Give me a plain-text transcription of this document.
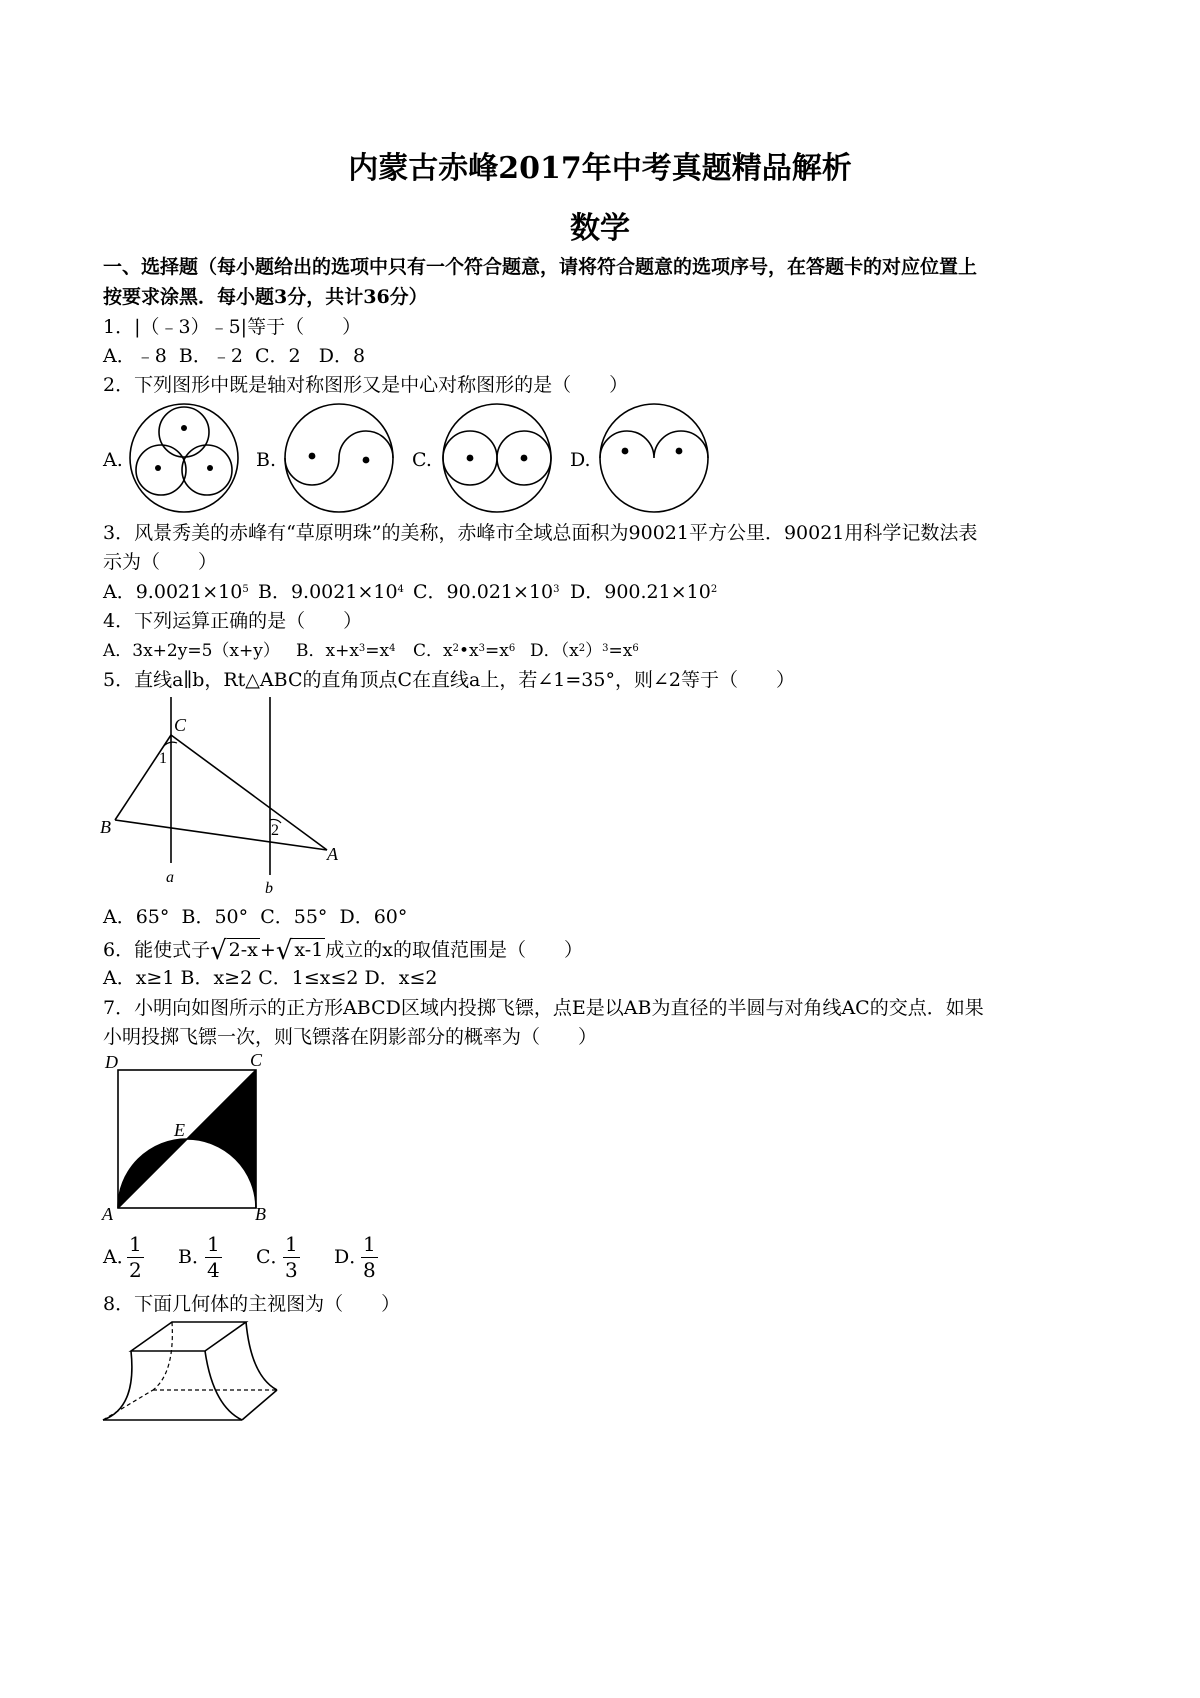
内蒙古赤峰2017年中考真题精品解析
数学
一、选择题（每小题给出的选项中只有一个符合题意，请将符合题意的选项序号，在答题卡的对应位置上
按要求涂黑．每小题3分，共计36分）
1．|（﹣3）﹣5|等于（　　）
A．﹣8  B．﹣2  C．2   D．8
2．下列图形中既是轴对称图形又是中心对称图形的是（　　）
A.	B.	C.	D.
3．风景秀美的赤峰有“草原明珠”的美称，赤峰市全域总面积为90021平方公里．90021用科学记数法表
示为（　　）
A．$9.0021\times 10^5$ B．$9.0021\times 10^4$ C．$90.021\times 10^3$ D．$900.21\times 10^2$
4．下列运算正确的是（　　）
A．3x+2y=5（x+y） B．$x+x^3=x^4$ C．$x^2•x^3=x^6$ D．$(x^2)^3=x^6$
5．直线a∥b，Rt△ABC的直角顶点C在直线a上，若∠1=35°，则∠2等于（　　）
C
B
A
a
b
1
2
A．65°  B．50°  C．55°  D．60°
6．能使式子√ 2-x +√ x-1 成立的x的取值范围是（　　）
A．x≥1 B．x≥2 C．1≤x≤2 D．x≤2
7．小明向如图所示的正方形ABCD区域内投掷飞镖，点E是以AB为直径的半圆与对角线AC的交点．如果
小明投掷飞镖一次，则飞镖落在阴影部分的概率为（　　）
D	C
A	B
E
A．
$\frac{1}{2}$ B．
$\frac{1}{4}$ C．
$\frac{1}{3}$ D．
$\frac{1}{8}$
8．下面几何体的主视图为（　　）
